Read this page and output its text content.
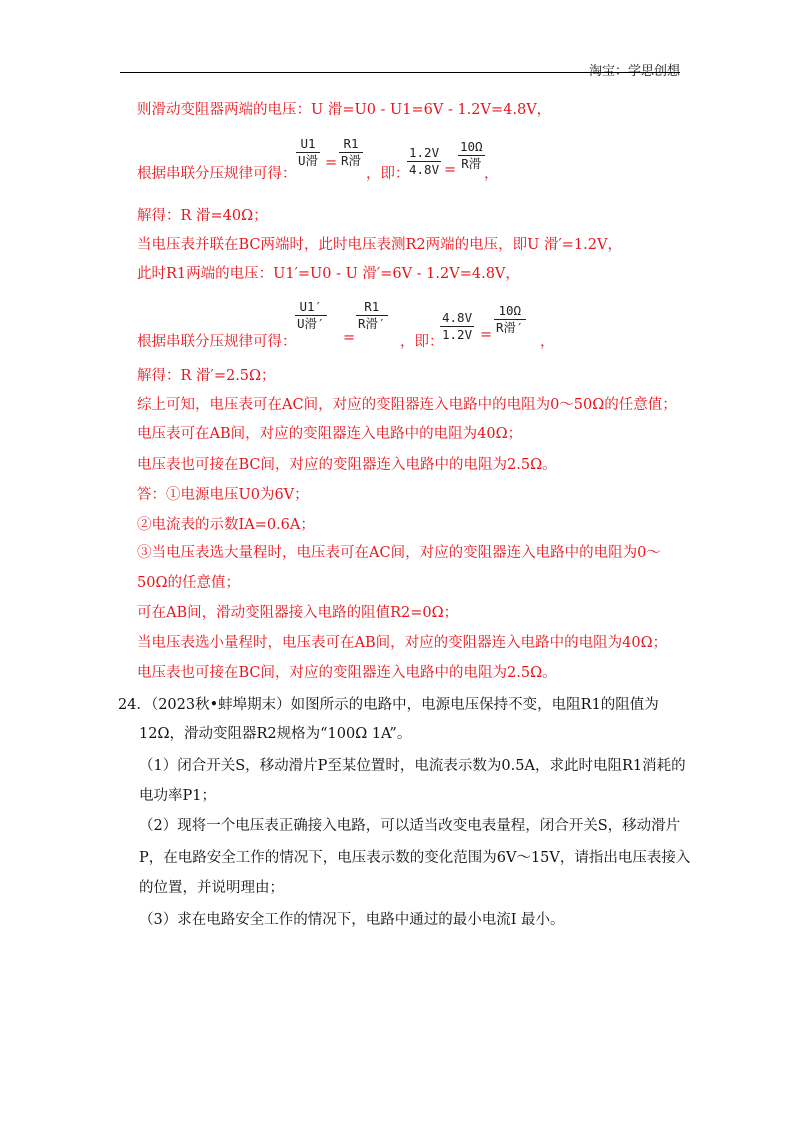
淘宝：学思创想
则滑动变阻器两端的电压：U 滑=U0 - U1=6V - 1.2V=4.8V，
根据串联分压规律可得：
U1
U滑 =
R1
R滑
，即：
1.2V
4.8V =
10Ω
R滑
，
解得：R 滑=40Ω；
当电压表并联在BC两端时，此时电压表测R2两端的电压，即U 滑′=1.2V，
此时R1两端的电压：U1′=U0 - U 滑′=6V - 1.2V=4.8V，
根据串联分压规律可得：
U1′
U滑′
=
R1
R滑′
，即：
4.8V
1.2V =
10Ω
R滑′
，
解得：R 滑′=2.5Ω；
综上可知，电压表可在AC间，对应的变阻器连入电路中的电阻为0～50Ω的任意值；
电压表可在AB间，对应的变阻器连入电路中的电阻为40Ω；
电压表也可接在BC间，对应的变阻器连入电路中的电阻为2.5Ω。
答：①电源电压U0为6V；
②电流表的示数IA=0.6A；
③当电压表选大量程时，电压表可在AC间，对应的变阻器连入电路中的电阻为0～
50Ω的任意值；
可在AB间，滑动变阻器接入电路的阻值R2=0Ω；
当电压表选小量程时，电压表可在AB间，对应的变阻器连入电路中的电阻为40Ω；
电压表也可接在BC间，对应的变阻器连入电路中的电阻为2.5Ω。
24．（2023秋•蚌埠期末）如图所示的电路中，电源电压保持不变，电阻R1的阻值为
12Ω，滑动变阻器R2规格为“100Ω 1A”。
（1）闭合开关S，移动滑片P至某位置时，电流表示数为0.5A，求此时电阻R1消耗的
电功率P1；
（2）现将一个电压表正确接入电路，可以适当改变电表量程，闭合开关S，移动滑片
P，在电路安全工作的情况下，电压表示数的变化范围为6V～15V，请指出电压表接入
的位置，并说明理由；
（3）求在电路安全工作的情况下，电路中通过的最小电流I 最小。
